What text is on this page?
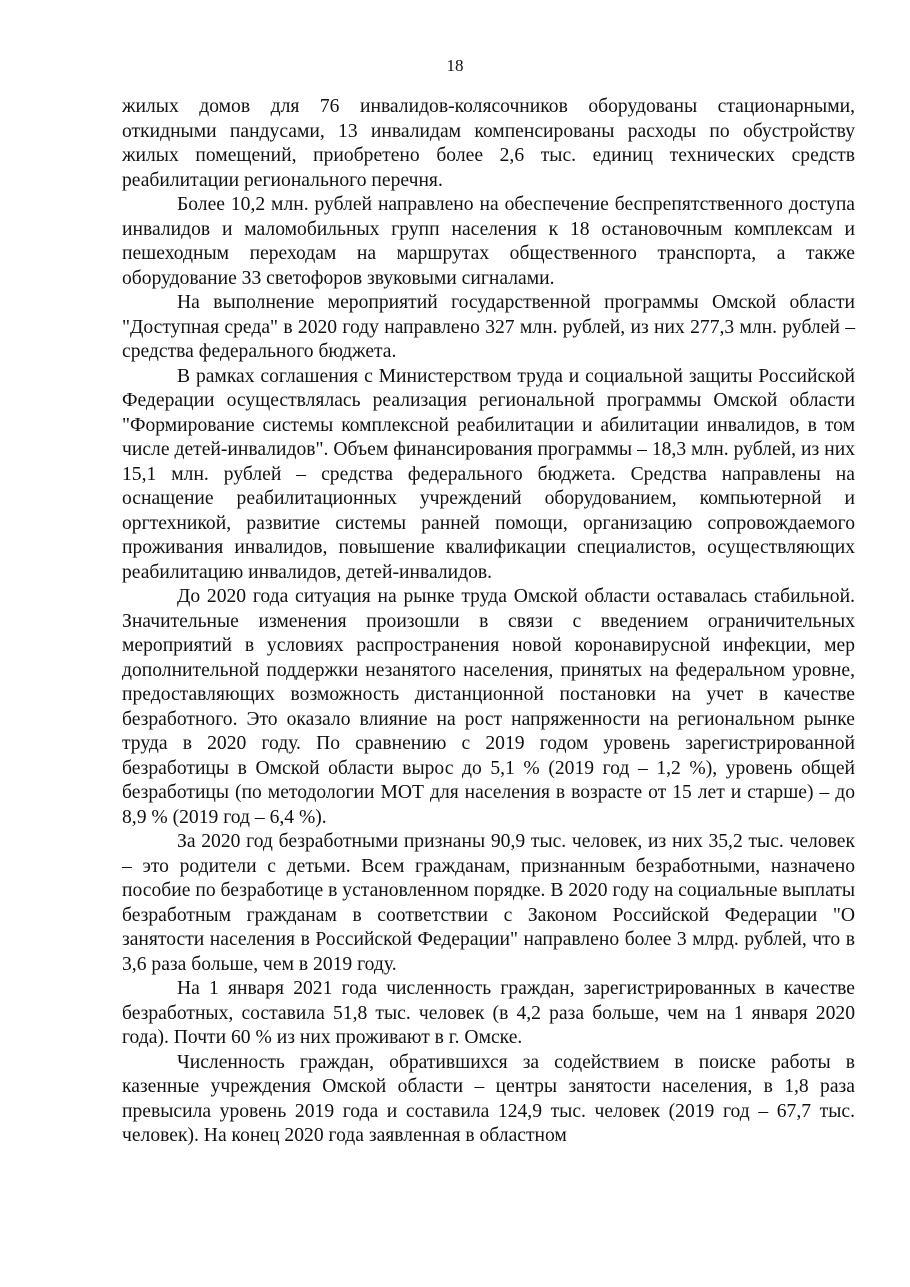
18

жилых домов для 76 инвалидов-колясочников оборудованы стационарными, откидными пандусами, 13 инвалидам компенсированы расходы по обустройству жилых помещений, приобретено более 2,6 тыс. единиц технических средств реабилитации регионального перечня.

Более 10,2 млн. рублей направлено на обеспечение беспрепятственного доступа инвалидов и маломобильных групп населения к 18 остановочным комплексам и пешеходным переходам на маршрутах общественного транспорта, а также оборудование 33 светофоров звуковыми сигналами.

На выполнение мероприятий государственной программы Омской области "Доступная среда" в 2020 году направлено 327 млн. рублей, из них 277,3 млн. рублей – средства федерального бюджета.

В рамках соглашения с Министерством труда и социальной защиты Российской Федерации осуществлялась реализация региональной программы Омской области "Формирование системы комплексной реабилитации и абилитации инвалидов, в том числе детей-инвалидов". Объем финансирования программы – 18,3 млн. рублей, из них 15,1 млн. рублей – средства федерального бюджета. Средства направлены на оснащение реабилитационных учреждений оборудованием, компьютерной и оргтехникой, развитие системы ранней помощи, организацию сопровождаемого проживания инвалидов, повышение квалификации специалистов, осуществляющих реабилитацию инвалидов, детей-инвалидов.

До 2020 года ситуация на рынке труда Омской области оставалась стабильной. Значительные изменения произошли в связи с введением ограничительных мероприятий в условиях распространения новой коронавирусной инфекции, мер дополнительной поддержки незанятого населения, принятых на федеральном уровне, предоставляющих возможность дистанционной постановки на учет в качестве безработного. Это оказало влияние на рост напряженности на региональном рынке труда в 2020 году. По сравнению с 2019 годом уровень зарегистрированной безработицы в Омской области вырос до 5,1 % (2019 год – 1,2 %), уровень общей безработицы (по методологии МОТ для населения в возрасте от 15 лет и старше) – до 8,9 % (2019 год – 6,4 %).

За 2020 год безработными признаны 90,9 тыс. человек, из них 35,2 тыс. человек – это родители с детьми. Всем гражданам, признанным безработными, назначено пособие по безработице в установленном порядке. В 2020 году на социальные выплаты безработным гражданам в соответствии с Законом Российской Федерации "О занятости населения в Российской Федерации" направлено более 3 млрд. рублей, что в 3,6 раза больше, чем в 2019 году.

На 1 января 2021 года численность граждан, зарегистрированных в качестве безработных, составила 51,8 тыс. человек (в 4,2 раза больше, чем на 1 января 2020 года). Почти 60 % из них проживают в г. Омске.

Численность граждан, обратившихся за содействием в поиске работы в казенные учреждения Омской области – центры занятости населения, в 1,8 раза превысила уровень 2019 года и составила 124,9 тыс. человек (2019 год – 67,7 тыс. человек). На конец 2020 года заявленная в областном
